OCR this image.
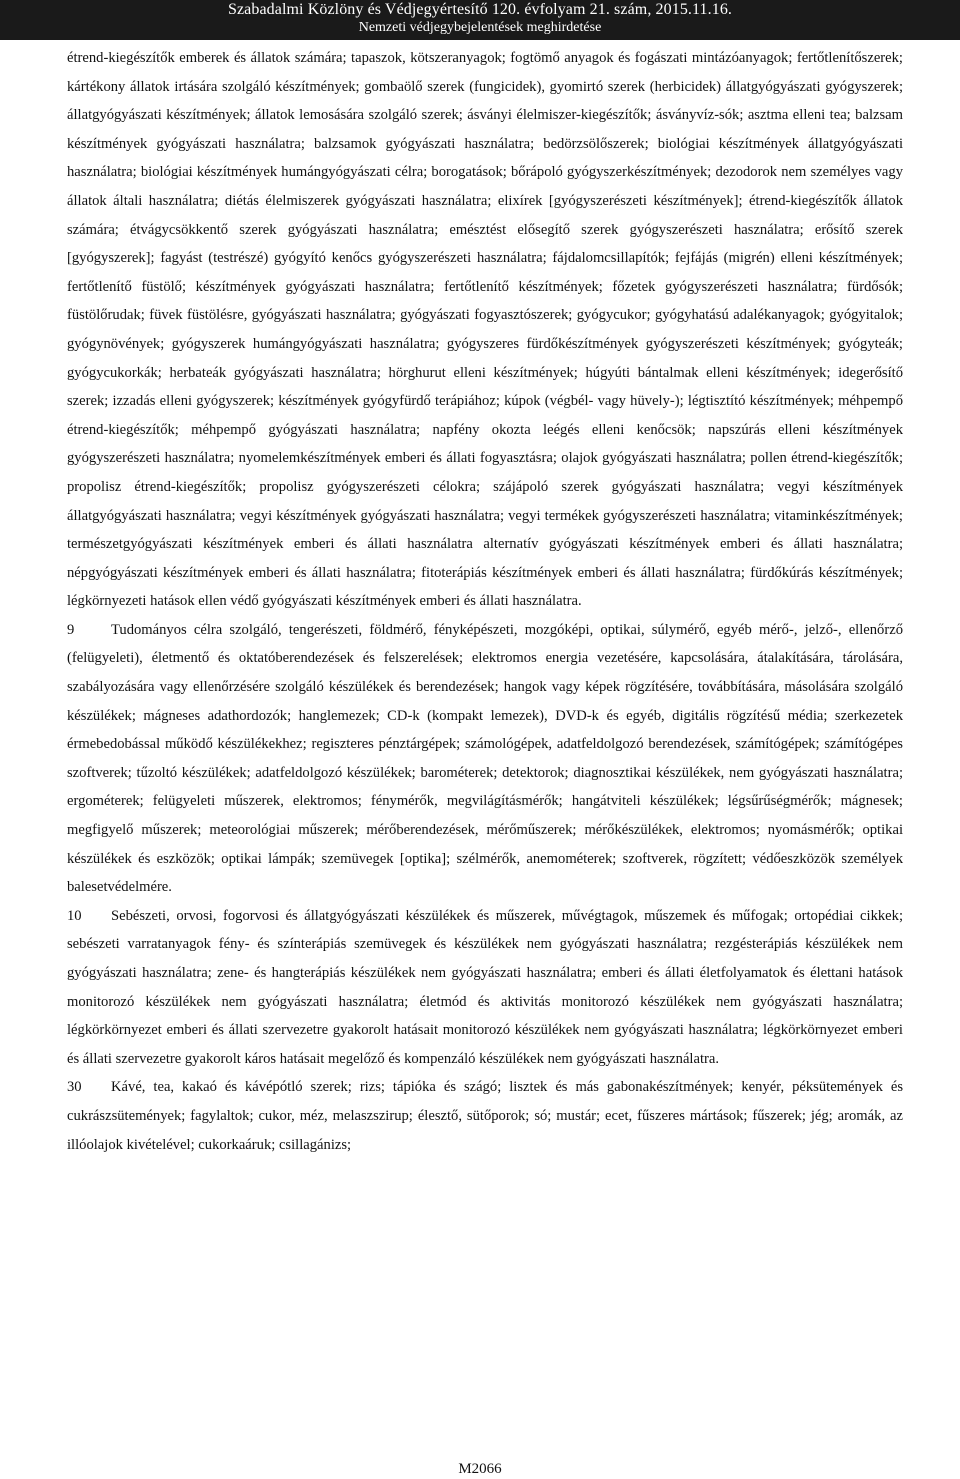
Szabadalmi Közlöny és Védjegyértesítő 120. évfolyam 21. szám, 2015.11.16.
Nemzeti védjegybejelentések meghirdetése

étrend-kiegészítők emberek és állatok számára; tapaszok, kötszeranyagok; fogtömő anyagok és fogászati mintázóanyagok; fertőtlenítőszerek; kártékony állatok irtására szolgáló készítmények; gombaölő szerek (fungicidek), gyomirtó szerek (herbicidek) állatgyógyászati gyógyszerek; állatgyógyászati készítmények; állatok lemosására szolgáló szerek; ásványi élelmiszer-kiegészítők; ásványvíz-sók; asztma elleni tea; balzsam készítmények gyógyászati használatra; balzsamok gyógyászati használatra; bedörzsölőszerek; biológiai készítmények állatgyógyászati használatra; biológiai készítmények humángyógyászati célra; borogatások; bőrápoló gyógyszerkészítmények; dezodorok nem személyes vagy állatok általi használatra; diétás élelmiszerek gyógyászati használatra; elixírek [gyógyszerészeti készítmények]; étrend-kiegészítők állatok számára; étvágycsökkentő szerek gyógyászati használatra; emésztést elősegítő szerek gyógyszerészeti használatra; erősítő szerek [gyógyszerek]; fagyást (testrészé) gyógyító kenőcs gyógyszerészeti használatra; fájdalomcsillapítók; fejfájás (migrén) elleni készítmények; fertőtlenítő füstölő; készítmények gyógyászati használatra; fertőtlenítő készítmények; főzetek gyógyszerészeti használatra; fürdősók; füstölőrudak; füvek füstölésre, gyógyászati használatra; gyógyászati fogyasztószerek; gyógycukor; gyógyhatású adalékanyagok; gyógyitalok; gyógynövények; gyógyszerek humángyógyászati használatra; gyógyszeres fürdőkészítmények gyógyszerészeti készítmények; gyógyteák; gyógycukorkák; herbateák gyógyászati használatra; hörghurut elleni készítmények; húgyúti bántalmak elleni készítmények; idegerősítő szerek; izzadás elleni gyógyszerek; készítmények gyógyfürdő terápiához; kúpok (végbél- vagy hüvely-); légtisztító készítmények; méhpempő étrend-kiegészítők; méhpempő gyógyászati használatra; napfény okozta leégés elleni kenőcsök; napszúrás elleni készítmények gyógyszerészeti használatra; nyomelemkészítmények emberi és állati fogyasztásra; olajok gyógyászati használatra; pollen étrend-kiegészítők; propolisz étrend-kiegészítők; propolisz gyógyszerészeti célokra; szájápoló szerek gyógyászati használatra; vegyi készítmények állatgyógyászati használatra; vegyi készítmények gyógyászati használatra; vegyi termékek gyógyszerészeti használatra; vitaminkészítmények; természetgyógyászati készítmények emberi és állati használatra alternatív gyógyászati készítmények emberi és állati használatra; népgyógyászati készítmények emberi és állati használatra; fitoterápiás készítmények emberi és állati használatra; fürdőkúrás készítmények; légkörnyezeti hatások ellen védő gyógyászati készítmények emberi és állati használatra.

9	Tudományos célra szolgáló, tengerészeti, földmérő, fényképészeti, mozgóképi, optikai, súlymérő, egyéb mérő-, jelző-, ellenőrző (felügyeleti), életmentő és oktatóberendezések és felszerelések; elektromos energia vezetésére, kapcsolására, átalakítására, tárolására, szabályozására vagy ellenőrzésére szolgáló készülékek és berendezések; hangok vagy képek rögzítésére, továbbítására, másolására szolgáló készülékek; mágneses adathordozók; hanglemezek; CD-k (kompakt lemezek), DVD-k és egyéb, digitális rögzítésű média; szerkezetek érmebedobással működő készülékekhez; regiszteres pénztárgépek; számológépek, adatfeldolgozó berendezések, számítógépek; számítógépes szoftverek; tűzoltó készülékek; adatfeldolgozó készülékek; barométerek; detektorok; diagnosztikai készülékek, nem gyógyászati használatra; ergométerek; felügyeleti műszerek, elektromos; fénymérők, megvilágításmérők; hangátviteli készülékek; légsűrűségmérők; mágnesek; megfigyelő műszerek; meteorológiai műszerek; mérőberendezések, mérőműszerek; mérőkészülékek, elektromos; nyomásmérők; optikai készülékek és eszközök; optikai lámpák; szemüvegek [optika]; szélmérők, anemométerek; szoftverek, rögzített; védőeszközök személyek balesetvédelmére.

10 Sebészeti, orvosi, fogorvosi és állatgyógyászati készülékek és műszerek, művégtagok, műszemek és műfogak; ortopédiai cikkek; sebészeti varratanyagok fény- és színterápiás szemüvegek és készülékek nem gyógyászati használatra; rezgésterápiás készülékek nem gyógyászati használatra; zene- és hangterápiás készülékek nem gyógyászati használatra; emberi és állati életfolyamatok és élettani hatások monitorozó készülékek nem gyógyászati használatra; életmód és aktivitás monitorozó készülékek nem gyógyászati használatra; légkörkörnyezet emberi és állati szervezetre gyakorolt hatásait monitorozó készülékek nem gyógyászati használatra; légkörkörnyezet emberi és állati szervezetre gyakorolt káros hatásait megelőző és kompenzáló készülékek nem gyógyászati használatra.

30 Kávé, tea, kakaó és kávépótló szerek; rizs; tápióka és szágó; lisztek és más gabonakészítmények; kenyér, péksütemények és cukrászsütemények; fagylaltok; cukor, méz, melaszszirup; élesztő, sütőporok; só; mustár; ecet, fűszeres mártások; fűszerek; jég; aromák, az illóolajok kivételével; cukorkaáruk; csillagánizs;

M2066
